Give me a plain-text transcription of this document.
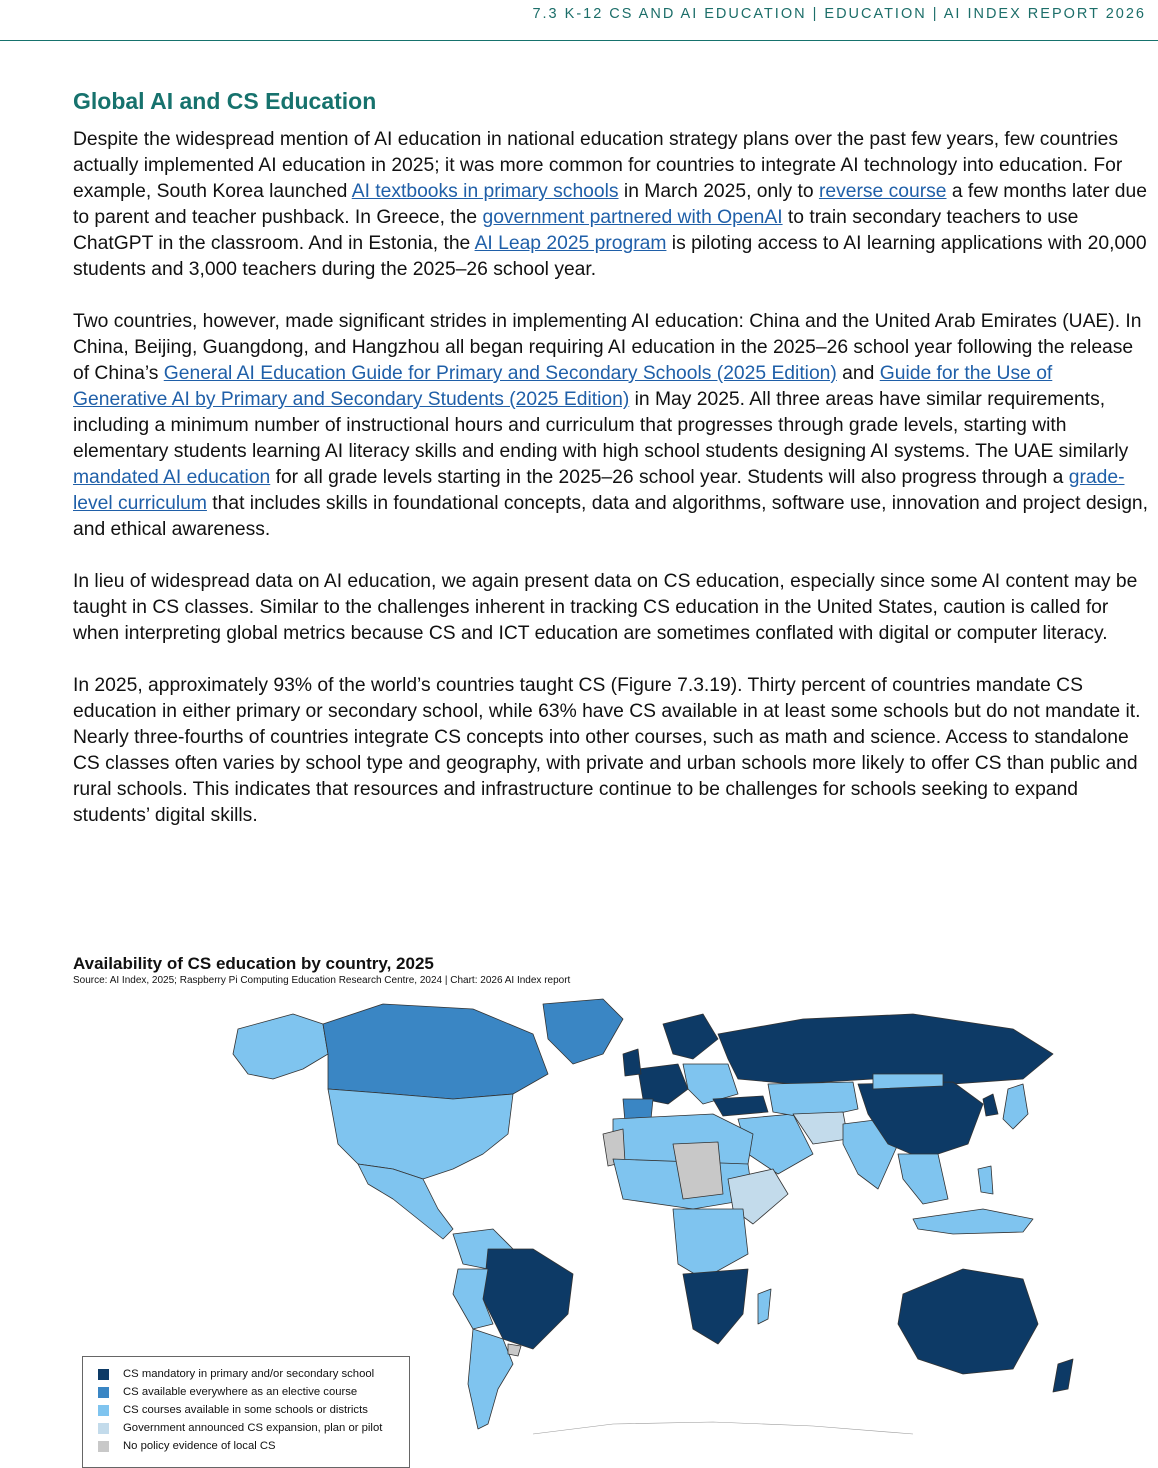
7.3 K-12 CS AND AI EDUCATION | EDUCATION | AI INDEX REPORT 2026
Global AI and CS Education

Despite the widespread mention of AI education in national education strategy plans over the past few years, few countries actually implemented AI education in 2025; it was more common for countries to integrate AI technology into education. For example, South Korea launched AI textbooks in primary schools in March 2025, only to reverse course a few months later due to parent and teacher pushback. In Greece, the government partnered with OpenAI to train secondary teachers to use ChatGPT in the classroom. And in Estonia, the AI Leap 2025 program is piloting access to AI learning applications with 20,000 students and 3,000 teachers during the 2025–26 school year.

Two countries, however, made significant strides in implementing AI education: China and the United Arab Emirates (UAE). In China, Beijing, Guangdong, and Hangzhou all began requiring AI education in the 2025–26 school year following the release of China’s General AI Education Guide for Primary and Secondary Schools (2025 Edition) and Guide for the Use of Generative AI by Primary and Secondary Students (2025 Edition) in May 2025. All three areas have similar requirements, including a minimum number of instructional hours and curriculum that progresses through grade levels, starting with elementary students learning AI literacy skills and ending with high school students designing AI systems. The UAE similarly mandated AI education for all grade levels starting in the 2025–26 school year. Students will also progress through a grade-level curriculum that includes skills in foundational concepts, data and algorithms, software use, innovation and project design, and ethical awareness.

In lieu of widespread data on AI education, we again present data on CS education, especially since some AI content may be taught in CS classes. Similar to the challenges inherent in tracking CS education in the United States, caution is called for when interpreting global metrics because CS and ICT education are sometimes conflated with digital or computer literacy.

In 2025, approximately 93% of the world’s countries taught CS (Figure 7.3.19). Thirty percent of countries mandate CS education in either primary or secondary school, while 63% have CS available in at least some schools but do not mandate it. Nearly three-fourths of countries integrate CS concepts into other courses, such as math and science. Access to standalone CS classes often varies by school type and geography, with private and urban schools more likely to offer CS than public and rural schools. This indicates that resources and infrastructure continue to be challenges for schools seeking to expand students’ digital skills.

Availability of CS education by country, 2025
Source: AI Index, 2025; Raspberry Pi Computing Education Research Centre, 2024 | Chart: 2026 AI Index report
CS mandatory in primary and/or secondary school
CS available everywhere as an elective course
CS courses available in some schools or districts
Government announced CS expansion, plan or pilot
No policy evidence of local CS
